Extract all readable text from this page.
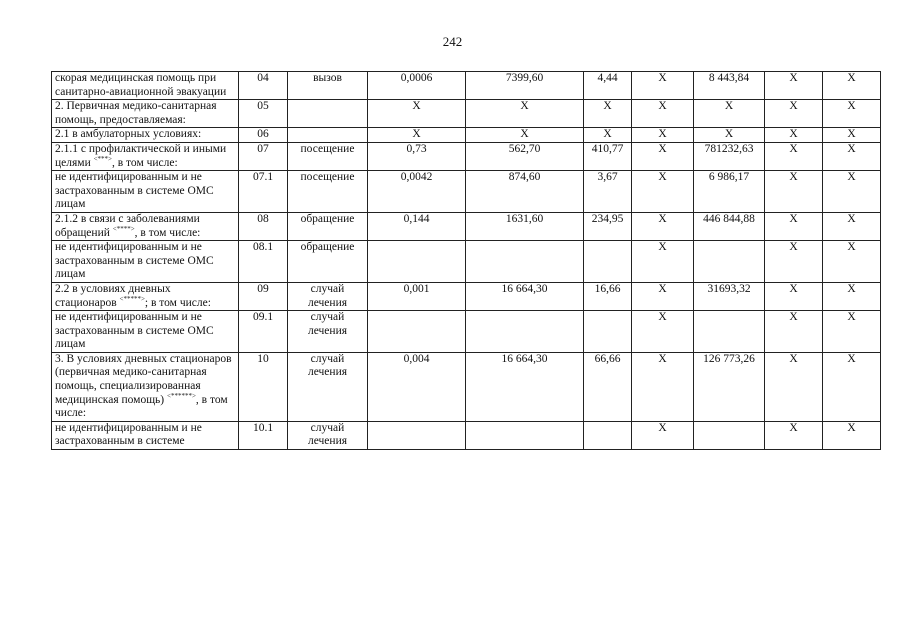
242
скорая медицинская помощь при санитарно-авиационной эвакуации	04	вызов	0,0006	7399,60	4,44	X	8 443,84	X	X
2. Первичная медико-санитарная помощь, предоставляемая:	05		X	X	X	X	X	X	X
2.1 в амбулаторных условиях:	06		X	X	X	X	X	X	X
2.1.1 с профилактической и иными целями <***>, в том числе:	07	посещение	0,73	562,70	410,77	X	781232,63	X	X
не идентифицированным и не застрахованным в системе ОМС лицам	07.1	посещение	0,0042	874,60	3,67	X	6 986,17	X	X
2.1.2 в связи с заболеваниями обращений <****>, в том числе:	08	обращение	0,144	1631,60	234,95	X	446 844,88	X	X
не идентифицированным и не застрахованным в системе ОМС лицам	08.1	обращение				X		X	X
2.2 в условиях дневных стационаров <*****>; в том числе:	09	случай лечения	0,001	16 664,30	16,66	X	31693,32	X	X
не идентифицированным и не застрахованным в системе ОМС лицам	09.1	случай лечения				X		X	X
3. В условиях дневных стационаров (первичная медико-санитарная помощь, специализированная медицинская помощь) <******>, в том числе:	10	случай лечения	0,004	16 664,30	66,66	X	126 773,26	X	X
не идентифицированным и не застрахованным в системе	10.1	случай лечения				X		X	X
